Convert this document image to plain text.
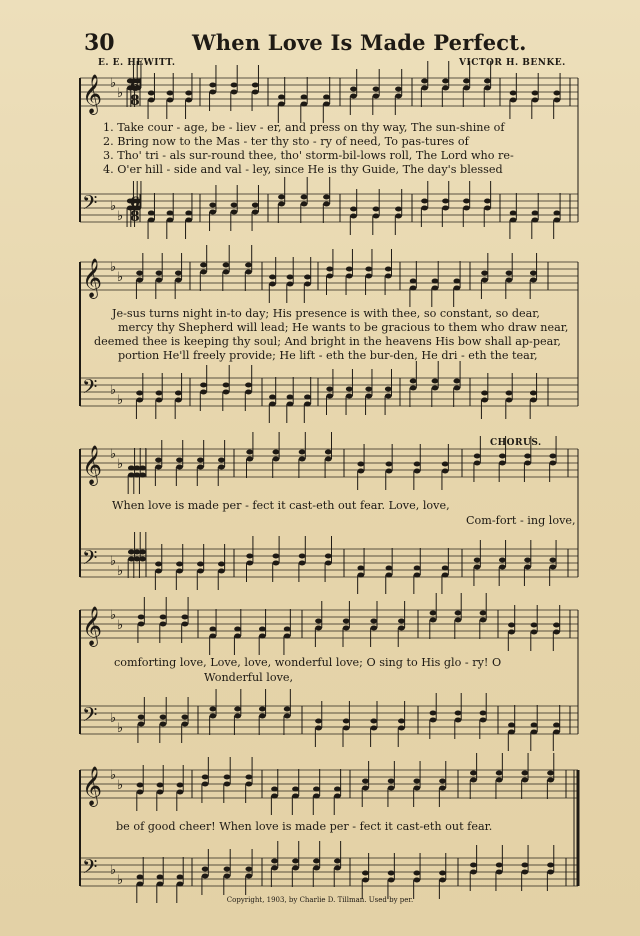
𝄞 ♭
♭
𝄢 ♭
♭
𝄞 ♭
♭
𝄢 ♭
♭
𝄞 ♭
♭
𝄢 ♭
♭
𝄞 ♭
♭
𝄢 ♭
♭
𝄞 ♭
♭
𝄢 ♭
♭
6
8
6
8
30	When Love Is Made Perfect.
E. E. HEWITT.	VICTOR H. BENKE.
CHORUS.
1. Take cour - age, be - liev - er, and press on thy way, The sun-shine of
2. Bring now to the Mas - ter thy sto - ry of need, To pas-tures of
3. Tho' tri - als sur-round thee, tho' storm-bil-lows roll, The Lord who re-
4. O'er hill - side and val - ley, since He is thy Guide, The day's blessed
Je-sus turns night in-to day; His presence is with thee, so constant, so dear,
mercy thy Shepherd will lead; He wants to be gracious to them who draw near,
deemed thee is keeping thy soul; And bright in the heavens His bow shall ap-pear,
portion He'll freely provide; He lift - eth the bur-den, He dri - eth the tear,
When love is made per - fect it cast-eth out fear. Love, love,
Com-fort - ing love,
comforting love, Love, love, wonderful love; O sing to His glo - ry! O
Wonderful love,
be of good cheer! When love is made per - fect it cast-eth out fear.
Copyright, 1903, by Charlie D. Tillman. Used by per.
